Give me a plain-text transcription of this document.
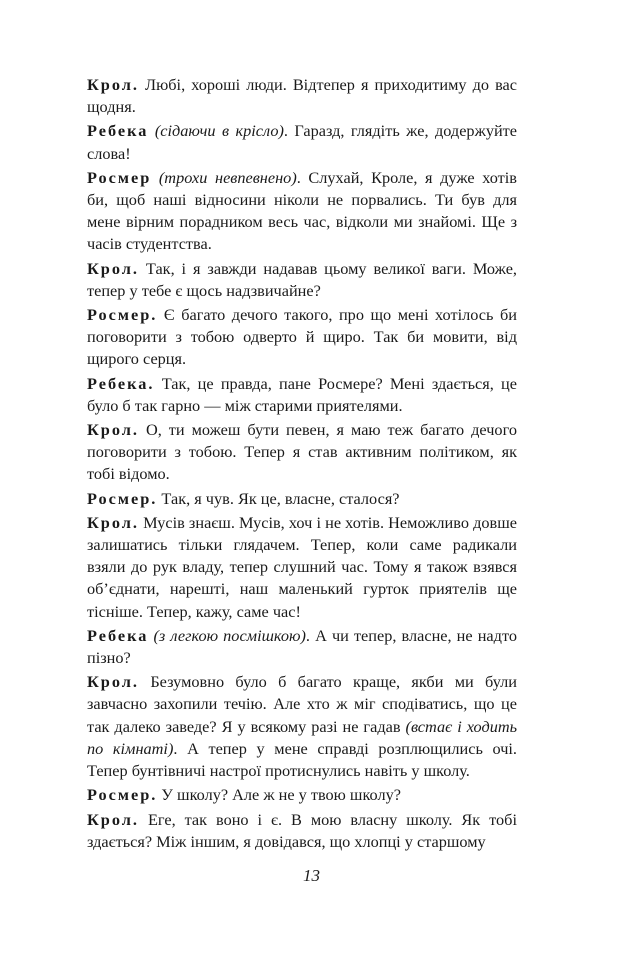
Крол. Любі, хороші люди. Відтепер я приходитиму до вас щодня.

Ребека (сідаючи в крісло). Гаразд, глядіть же, додержуйте слова!

Росмер (трохи невпевнено). Слухай, Кроле, я дуже хотів би, щоб наші відносини ніколи не порвались. Ти був для мене вірним порадником весь час, відколи ми знайомі. Ще з часів студентства.

Крол. Так, і я завжди надавав цьому великої ваги. Може, тепер у тебе є щось надзвичайне?

Росмер. Є багато дечого такого, про що мені хотілось би поговорити з тобою одверто й щиро. Так би мовити, від щирого серця.

Ребека. Так, це правда, пане Росмере? Мені здається, це було б так гарно — між старими приятелями.

Крол. О, ти можеш бути певен, я маю теж багато дечого поговорити з тобою. Тепер я став активним політиком, як тобі відомо.

Росмер. Так, я чув. Як це, власне, сталося?

Крол. Мусів знаєш. Мусів, хоч і не хотів. Неможливо довше залишатись тільки глядачем. Тепер, коли саме радикали взяли до рук владу, тепер слушний час. Тому я також взявся об’єднати, нарешті, наш маленький гурток приятелів ще тісніше. Тепер, кажу, саме час!

Ребека (з легкою посмішкою). А чи тепер, власне, не надто пізно?

Крол. Безумовно було б багато краще, якби ми були завчасно захопили течію. Але хто ж міг сподіватись, що це так далеко заведе? Я у всякому разі не гадав (встає і ходить по кімнаті). А тепер у мене справді розплющились очі. Тепер бунтівничі настрої протиснулись навіть у школу.

Росмер. У школу? Але ж не у твою школу?

Крол. Еге, так воно і є. В мою власну школу. Як тобі здається? Між іншим, я довідався, що хлопці у старшому

13
